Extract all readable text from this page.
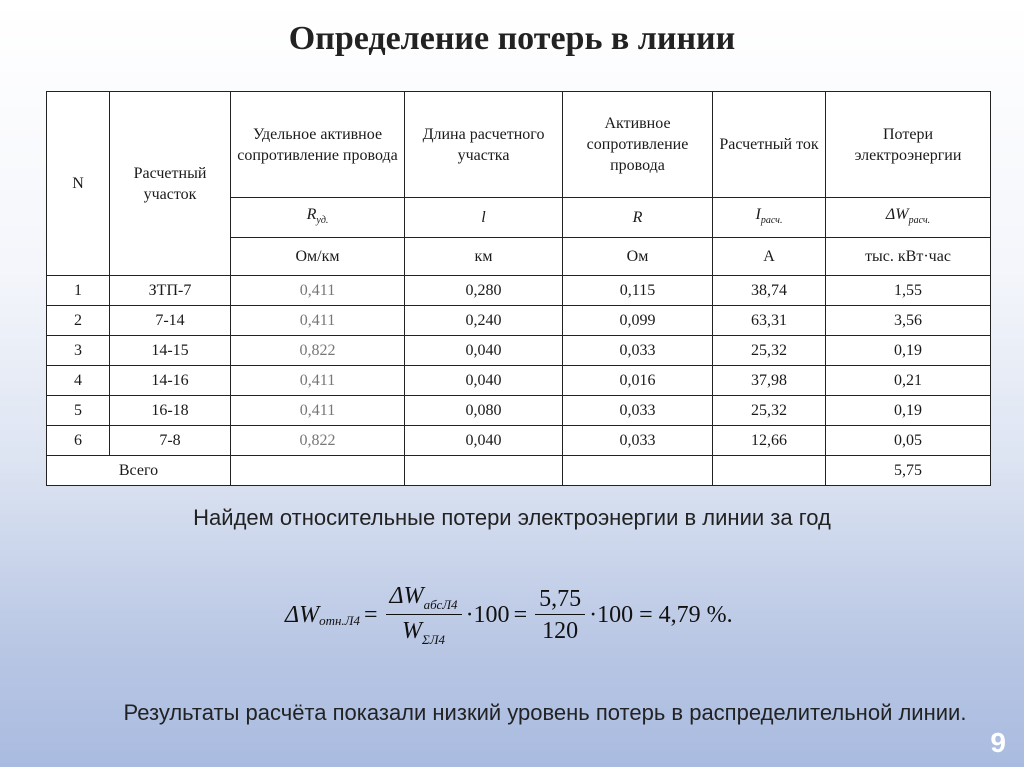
Определение потерь в линии
N	Расчетный участок	Удельное активное сопротивление провода	Длина расчетного участка	Активное сопротивление провода	Расчетный ток	Потери электроэнергии
		$R_{уд.}$	l	R	$I_{расч.}$	$\Delta W_{расч.}$
		Ом/км	км	Ом	А	тыс. кВт·час
1	ЗТП-7	0,411	0,280	0,115	38,74	1,55
2	7-14	0,411	0,240	0,099	63,31	3,56
3	14-15	0,822	0,040	0,033	25,32	0,19
4	14-16	0,411	0,040	0,016	37,98	0,21
5	16-18	0,411	0,080	0,033	25,32	0,19
6	7-8	0,822	0,040	0,033	12,66	0,05
Всего						5,75
Найдем относительные потери электроэнергии в линии за год
ΔW $отн.Л4 = \frac{\Delta W_{абсЛ4}}{W_{\Sigma Л4}} \cdot 100 = \frac{5,75}{120} \cdot 100 = 4,79$ %.
Результаты расчёта показали низкий уровень потерь в распределительной линии.
9
